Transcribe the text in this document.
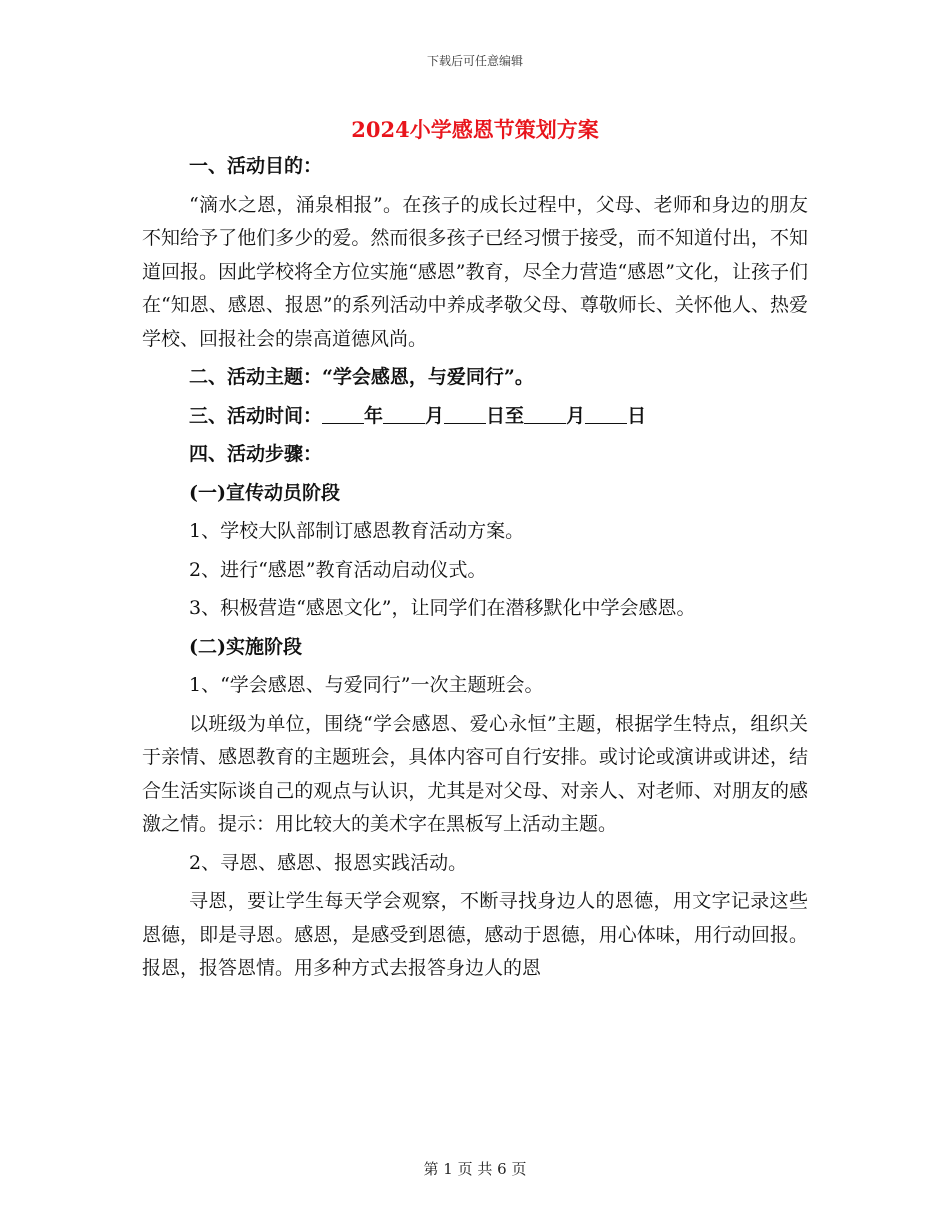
下载后可任意编辑
2024小学感恩节策划方案

一、活动目的：

“滴水之恩，涌泉相报”。在孩子的成长过程中，父母、老师和身边的朋友不知给予了他们多少的爱。然而很多孩子已经习惯于接受，而不知道付出，不知道回报。因此学校将全方位实施“感恩”教育，尽全力营造“感恩”文化，让孩子们在“知恩、感恩、报恩”的系列活动中养成孝敬父母、尊敬师长、关怀他人、热爱学校、回报社会的崇高道德风尚。

二、活动主题：“学会感恩，与爱同行”。

三、活动时间： 年 月 日至 月 日

四、活动步骤：

(一)宣传动员阶段

1、学校大队部制订感恩教育活动方案。

2、进行“感恩”教育活动启动仪式。

3、积极营造“感恩文化”，让同学们在潜移默化中学会感恩。

(二)实施阶段

1、“学会感恩、与爱同行”一次主题班会。

以班级为单位，围绕“学会感恩、爱心永恒”主题，根据学生特点，组织关于亲情、感恩教育的主题班会，具体内容可自行安排。或讨论或演讲或讲述，结合生活实际谈自己的观点与认识，尤其是对父母、对亲人、对老师、对朋友的感激之情。提示：用比较大的美术字在黑板写上活动主题。

2、寻恩、感恩、报恩实践活动。

寻恩，要让学生每天学会观察，不断寻找身边人的恩德，用文字记录这些恩德，即是寻恩。感恩，是感受到恩德，感动于恩德，用心体味，用行动回报。报恩，报答恩情。用多种方式去报答身边人的恩

第 1 页 共 6 页
